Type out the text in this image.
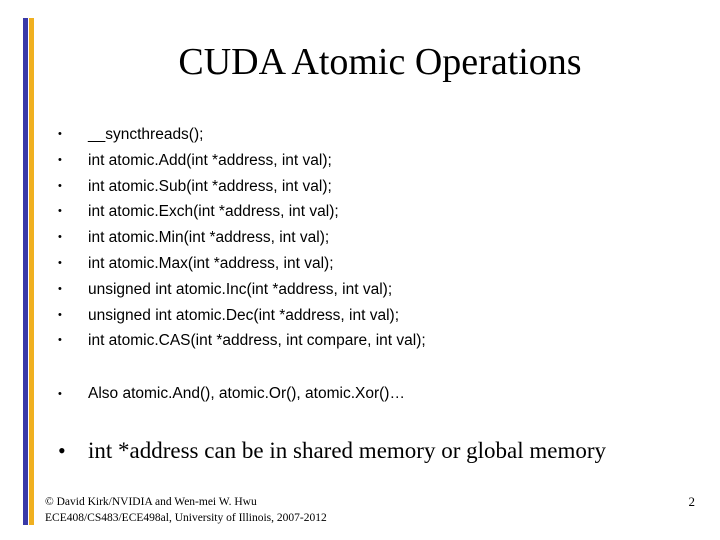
CUDA Atomic Operations
•	__syncthreads();
•	int atomic.Add(int *address, int val);
•	int atomic.Sub(int *address, int val);
•	int atomic.Exch(int *address, int val);
•	int atomic.Min(int *address, int val);
•	int atomic.Max(int *address, int val);
•	unsigned int atomic.Inc(int *address, int val);
•	unsigned int atomic.Dec(int *address, int val);
•	int atomic.CAS(int *address, int compare, int val);
•	Also atomic.And(), atomic.Or(), atomic.Xor()…
• int *address can be in shared memory or global memory
© David Kirk/NVIDIA and Wen-mei W. Hwu
ECE408/CS483/ECE498al, University of Illinois, 2007-2012
2
